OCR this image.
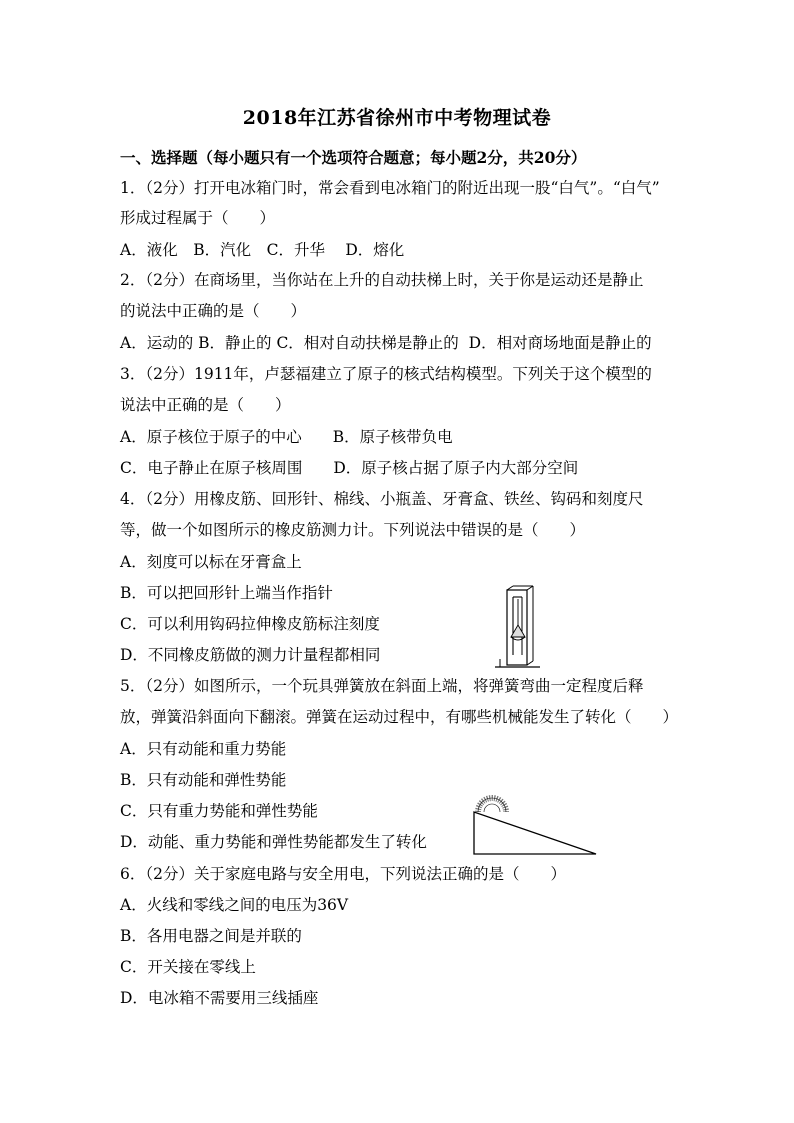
2018年江苏省徐州市中考物理试卷
一、选择题（每小题只有一个选项符合题意；每小题2分，共20分）
1．（2分）打开电冰箱门时，常会看到电冰箱门的附近出现一股“白气”。“白气”
形成过程属于（　　）
A．液化　B．汽化　C．升华　 D．熔化
2．（2分）在商场里，当你站在上升的自动扶梯上时，关于你是运动还是静止
的说法中正确的是（　　）
A．运动的 B．静止的 C．相对自动扶梯是静止的  D．相对商场地面是静止的
3．（2分）1911年，卢瑟福建立了原子的核式结构模型。下列关于这个模型的
说法中正确的是（　　）
A．原子核位于原子的中心　　B．原子核带负电
C．电子静止在原子核周围　　D．原子核占据了原子内大部分空间
4．（2分）用橡皮筋、回形针、棉线、小瓶盖、牙膏盒、铁丝、钩码和刻度尺
等，做一个如图所示的橡皮筋测力计。下列说法中错误的是（　　）
A．刻度可以标在牙膏盒上
B．可以把回形针上端当作指针
C．可以利用钩码拉伸橡皮筋标注刻度
D．不同橡皮筋做的测力计量程都相同
5．（2分）如图所示，一个玩具弹簧放在斜面上端，将弹簧弯曲一定程度后释
放，弹簧沿斜面向下翻滚。弹簧在运动过程中，有哪些机械能发生了转化（　　）
A．只有动能和重力势能
B．只有动能和弹性势能
C．只有重力势能和弹性势能
D．动能、重力势能和弹性势能都发生了转化
6．（2分）关于家庭电路与安全用电，下列说法正确的是（　　）
A．火线和零线之间的电压为36V
B．各用电器之间是并联的
C．开关接在零线上
D．电冰箱不需要用三线插座
